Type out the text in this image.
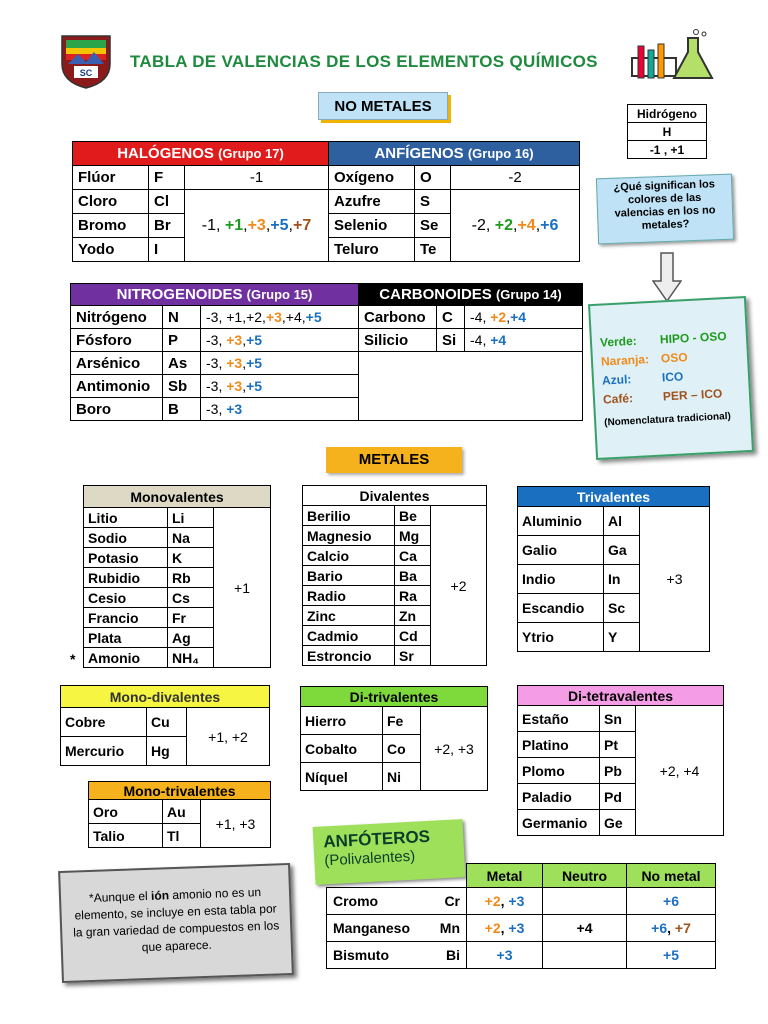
SC
TABLA DE VALENCIAS DE LOS ELEMENTOS QUÍMICOS
NO METALES	Hidrógeno
H
-1 , +1
HALÓGENOS (Grupo 17)			ANFÍGENOS (Grupo 16)		
Flúor	F	-1	Oxígeno	O	-2
Cloro	Cl	-1, +1,+3,+5,+7	Azufre	S	-2, +2,+4,+6
Bromo	Br		Selenio	Se	
Yodo	I		Teluro	Te	
¿Qué significan los colores de las valencias en los no metales?
NITROGENOIDES (Grupo 15)			CARBONOIDES (Grupo 14)		
Nitrógeno	N	-3, +1,+2,+3,+4,+5	Carbono	C	-4, +2,+4
Fósforo	P	-3, +3,+5	Silicio	Si	-4, +4
Arsénico	As	-3, +3,+5			
Antimonio	Sb	-3, +3,+5			
Boro	B	-3, +3			
Verde:	HIPO - OSO
Naranja: OSO
Azul:	ICO
Café:	PER – ICO
(Nomenclatura tradicional)
METALES
Monovalentes		
Litio	Li	+1
Sodio	Na	
Potasio	K	
Rubidio	Rb	
Cesio	Cs	
Francio	Fr	
Plata	Ag	
Amonio	NH₄	
*
Divalentes		
Berilio	Be	+2
Magnesio	Mg	
Calcio	Ca	
Bario	Ba	
Radio	Ra	
Zinc	Zn	
Cadmio	Cd	
Estroncio	Sr	
Trivalentes		
Aluminio	Al	+3
Galio	Ga	
Indio	In	
Escandio	Sc	
Ytrio	Y	
Mono-divalentes		
Cobre	Cu	+1, +2
Mercurio	Hg	
Di-trivalentes		
Hierro	Fe	+2, +3
Cobalto	Co	
Níquel	Ni	
Di-tetravalentes		
Estaño	Sn	+2, +4
Platino	Pt	
Plomo	Pb	
Paladio	Pd	
Germanio	Ge	
Mono-trivalentes		
Oro	Au	+1, +3
Talio	Tl		ANFÓTEROS
(Polivalentes)
	Metal	Neutro	No metal
Cromo Cr	+2, +3		+6
Manganeso Mn	+2, +3	+4	+6, +7
Bismuto Bi	+3		+5
*Aunque el ión amonio no es un elemento, se incluye en esta tabla por la gran variedad de compuestos en los que aparece.
